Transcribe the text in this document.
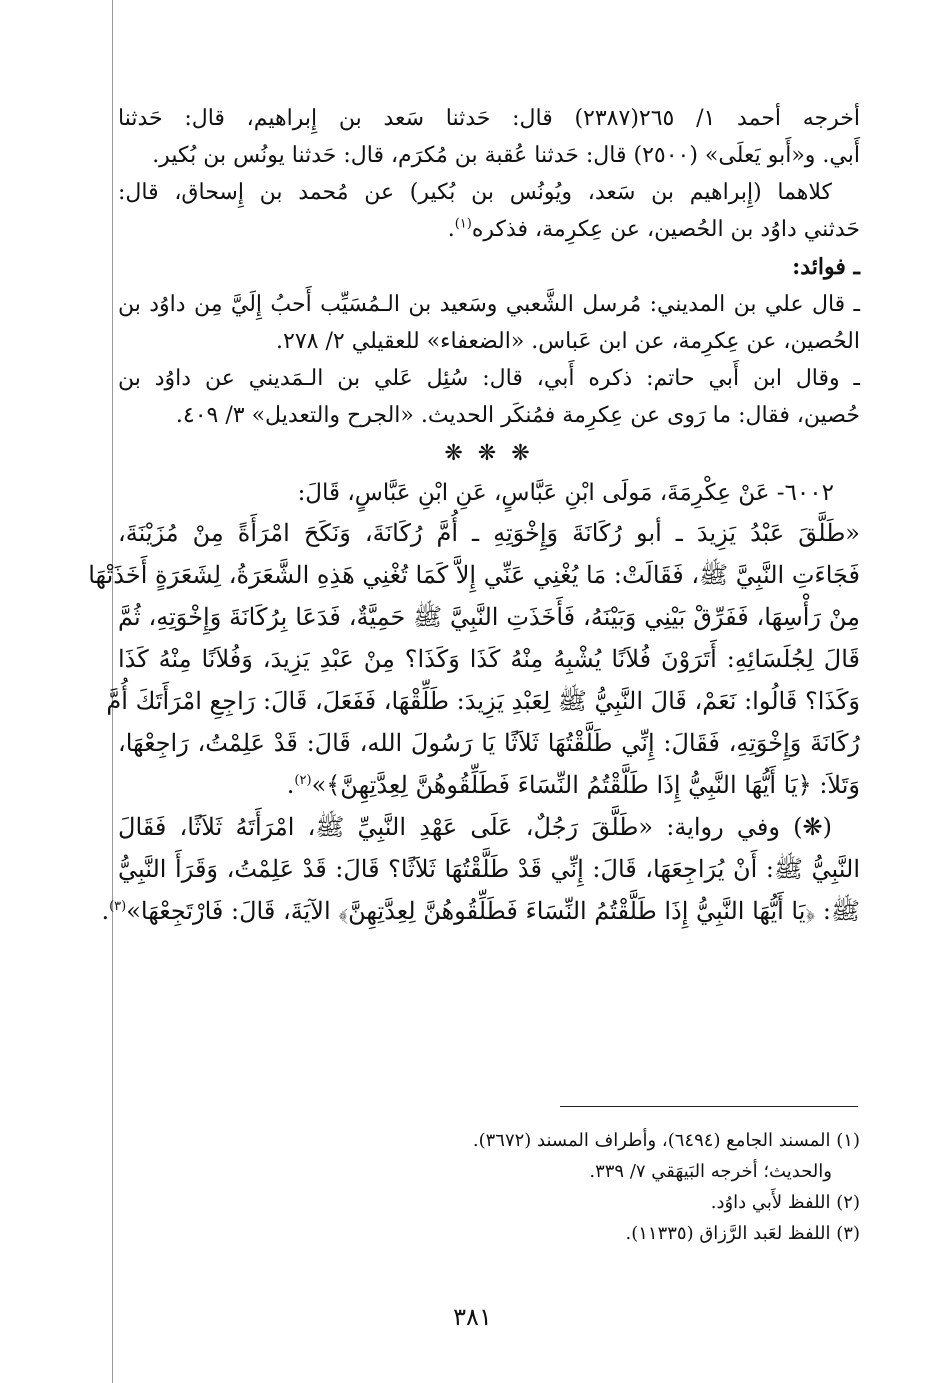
أخرجه أحمد ١/ ٢٦٥(٢٣٨٧) قال: حَدثنا سَعد بن إِبراهيم، قال: حَدثنا
أَبي. و«أَبو يَعلَى» (٢٥٠٠) قال: حَدثنا عُقبة بن مُكرَم، قال: حَدثنا يونُس بن بُكير.
كلاهما (إِبراهيم بن سَعد، ويُونُس بن بُكير) عن مُحمد بن إِسحاق، قال:
حَدثني داوُد بن الحُصين، عن عِكرِمة، فذكره$^{(١)}$.
ـ فوائد:
ـ قال علي بن المديني: مُرسل الشَّعبي وسَعيد بن الـمُسَيِّب أَحبُ إِلَيَّ مِن داوُد بن
الحُصين، عن عِكرِمة، عن ابن عَباس. «الضعفاء» للعقيلي ٢/ ٢٧٨.
ـ وقال ابن أَبي حاتم: ذكره أَبي، قال: سُئِل عَلي بن الـمَديني عن داوُد بن
حُصين، فقال: ما رَوى عن عِكرِمة فمُنكَر الحديث. «الجرح والتعديل» ٣/ ٤٠٩.
❋ ❋ ❋
٦٠٠٢- عَنْ عِكْرِمَةَ، مَولَى ابْنِ عَبَّاسٍ، عَنِ ابْنِ عَبَّاسٍ، قَالَ:
«طَلَّقَ عَبْدُ يَزِيدَ ـ أبو رُكَانَةَ وَإِخْوَتِهِ ـ أُمَّ رُكَانَةَ، وَنَكَحَ امْرَأَةً مِنْ مُزَيْنَةَ،
فَجَاءَتِ النَّبِيَّ ﷺ، فَقَالَتْ: مَا يُغْنِي عَنِّي إِلاَّ كَمَا تُغْنِي هَذِهِ الشَّعَرَةُ، لِشَعَرَةٍ أَخَذَتْهَا
مِنْ رَأْسِهَا، فَفَرِّقْ بَيْنِي وَبَيْنَهُ، فَأَخَذَتِ النَّبِيَّ ﷺ حَمِيَّةٌ، فَدَعَا بِرُكَانَةَ وَإِخْوَتِهِ، ثُمَّ
قَالَ لِجُلَسَائِهِ: أَتَرَوْنَ فُلاَنًا يُشْبِهُ مِنْهُ كَذَا وَكَذَا؟ مِنْ عَبْدِ يَزِيدَ، وَفُلاَنًا مِنْهُ كَذَا
وَكَذَا؟ قَالُوا: نَعَمْ، قَالَ النَّبِيُّ ﷺ لِعَبْدِ يَزِيدَ: طَلِّقْهَا، فَفَعَلَ، قَالَ: رَاجِعِ امْرَأَتَكَ أُمَّ
رُكَانَةَ وَإِخْوَتِهِ، فَقَالَ: إِنِّي طَلَّقْتُهَا ثَلاَثًا يَا رَسُولَ الله، قَالَ: قَدْ عَلِمْتُ، رَاجِعْهَا،
وَتَلاَ: ﴿يَا أَيُّهَا النَّبِيُّ إِذَا طَلَّقْتُمُ النِّسَاءَ فَطَلِّقُوهُنَّ لِعِدَّتِهِنَّ﴾»$^{(٢)}$.
(❋) وفي رواية: «طَلَّقَ رَجُلٌ، عَلَى عَهْدِ النَّبِيِّ ﷺ، امْرَأَتَهُ ثَلاَثًا، فَقَالَ
النَّبِيُّ ﷺ: أَنْ يُرَاجِعَهَا، قَالَ: إِنِّي قَدْ طَلَّقْتُهَا ثَلاَثًا؟ قَالَ: قَدْ عَلِمْتُ، وَقَرَأَ النَّبِيُّ
ﷺ: ﴿يَا أَيُّهَا النَّبِيُّ إِذَا طَلَّقْتُمُ النِّسَاءَ فَطَلِّقُوهُنَّ لِعِدَّتِهِنَّ﴾ الآيَةَ، قَالَ: فَارْتَجِعْهَا»$^{(٣)}$.
(١) المسند الجامع (٦٤٩٤)، وأطراف المسند (٣٦٧٢).
والحديث؛ أخرجه البَيهَقي ٧/ ٣٣٩.
(٢) اللفظ لأَبي داوُد.
(٣) اللفظ لعَبد الرَّزاق (١١٣٣٥).
٣٨١
